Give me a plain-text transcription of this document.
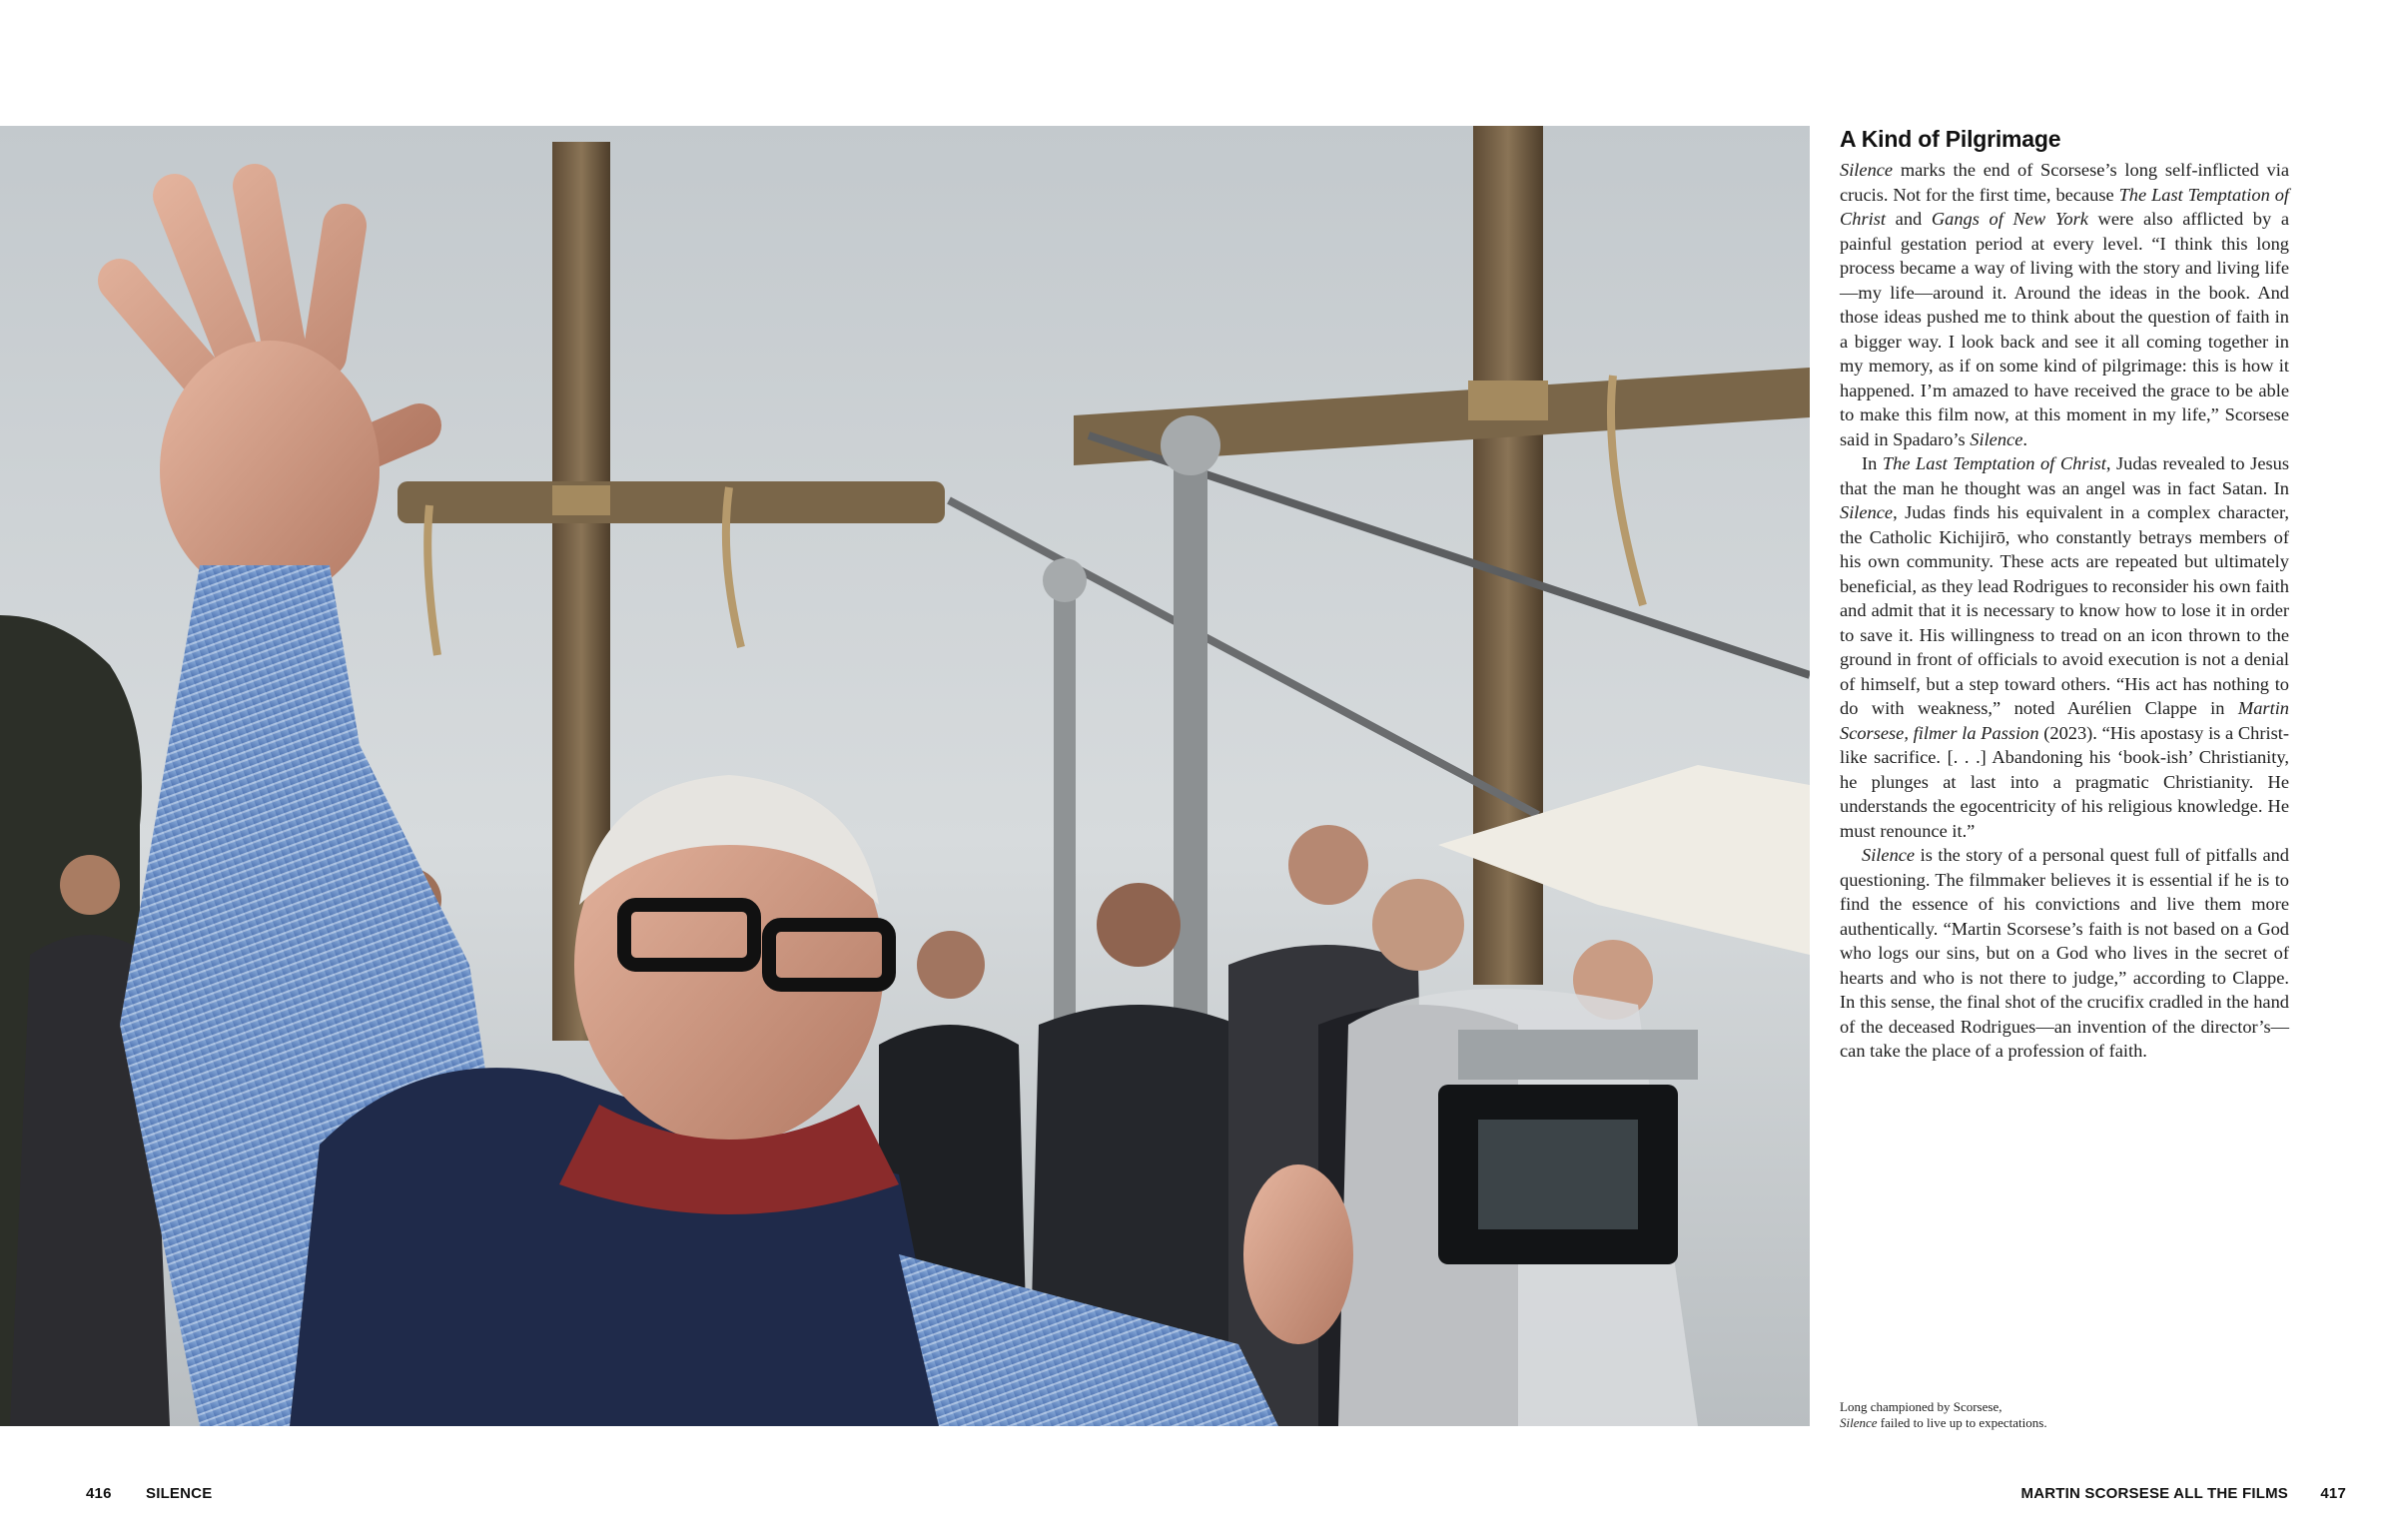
A Kind of Pilgrimage

Silence marks the end of Scorsese’s long self-inflicted via crucis. Not for the first time, because The Last Temptation of Christ and Gangs of New York were also afflicted by a painful gestation period at every level. “I think this long process became a way of living with the story and living life—my life—around it. Around the ideas in the book. And those ideas pushed me to think about the question of faith in a bigger way. I look back and see it all coming together in my memory, as if on some kind of pilgrimage: this is how it happened. I’m amazed to have received the grace to be able to make this film now, at this moment in my life,” Scorsese said in Spadaro’s Silence.

In The Last Temptation of Christ, Judas revealed to Jesus that the man he thought was an angel was in fact Satan. In Silence, Judas finds his equivalent in a complex character, the Catholic Kichijirō, who constantly betrays members of his own community. These acts are repeated but ultimately beneficial, as they lead Rodrigues to reconsider his own faith and admit that it is necessary to know how to lose it in order to save it. His willingness to tread on an icon thrown to the ground in front of officials to avoid execution is not a denial of himself, but a step toward others. “His act has nothing to do with weakness,” noted Aurélien Clappe in Martin Scorsese, filmer la Passion (2023). “His apostasy is a Christ-like sacrifice. [. . .] Abandoning his ‘book-ish’ Christianity, he plunges at last into a pragmatic Christianity. He understands the egocentricity of his religious knowledge. He must renounce it.”

Silence is the story of a personal quest full of pitfalls and questioning. The filmmaker believes it is essential if he is to find the essence of his convictions and live them more authentically. “Martin Scorsese’s faith is not based on a God who logs our sins, but on a God who lives in the secret of hearts and who is not there to judge,” according to Clappe. In this sense, the final shot of the crucifix cradled in the hand of the deceased Rodrigues—an invention of the director’s—can take the place of a profession of faith.

Long championed by Scorsese,
Silence failed to live up to expectations.
416 SILENCE	MARTIN SCORSESE ALL THE FILMS 417
